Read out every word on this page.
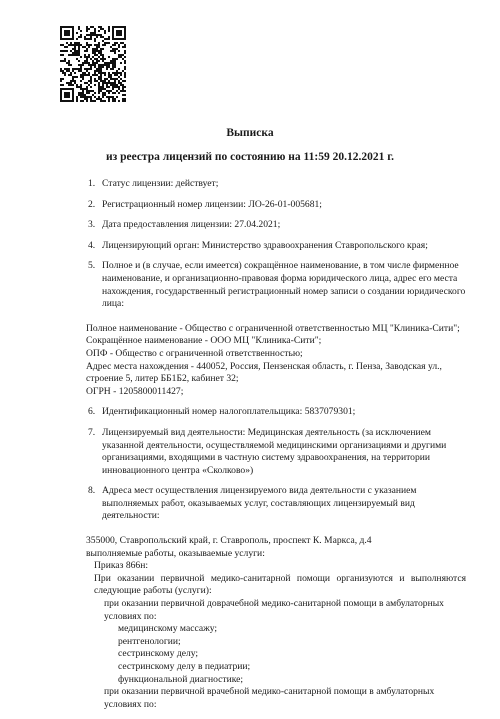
Выписка
из реестра лицензий по состоянию на 11:59 20.12.2021 г.
1. Статус лицензии: действует;
2. Регистрационный номер лицензии: ЛО-26-01-005681;
3. Дата предоставления лицензии: 27.04.2021;
4. Лицензирующий орган: Министерство здравоохранения Ставропольского края;
5. Полное и (в случае, если имеется) сокращённое наименование, в том числе фирменное наименование, и организационно-правовая форма юридического лица, адрес его места нахождения, государственный регистрационный номер записи о создании юридического лица:
Полное наименование - Общество с ограниченной ответственностью МЦ "Клиника-Сити";
Сокращённое наименование - ООО МЦ "Клиника-Сити";
ОПФ - Общество с ограниченной ответственностью;
Адрес места нахождения - 440052, Россия, Пензенская область, г. Пенза, Заводская ул., строение 5, литер ББ1Б2, кабинет 32;
ОГРН - 1205800011427;
6. Идентификационный номер налогоплательщика: 5837079301;
7. Лицензируемый вид деятельности: Медицинская деятельность (за исключением указанной деятельности, осуществляемой медицинскими организациями и другими организациями, входящими в частную систему здравоохранения, на территории инновационного центра «Сколково»)
8. Адреса мест осуществления лицензируемого вида деятельности с указанием выполняемых работ, оказываемых услуг, составляющих лицензируемый вид деятельности:
355000, Ставропольский край, г. Ставрополь, проспект К. Маркса, д.4
выполняемые работы, оказываемые услуги:
Приказ 866н:
При оказании первичной медико-санитарной помощи организуются и выполняются следующие работы (услуги):
при оказании первичной доврачебной медико-санитарной помощи в амбулаторных условиях по:
медицинскому массажу;
рентгенологии;
сестринскому делу;
сестринскому делу в педиатрии;
функциональной диагностике;
при оказании первичной врачебной медико-санитарной помощи в амбулаторных условиях по:
